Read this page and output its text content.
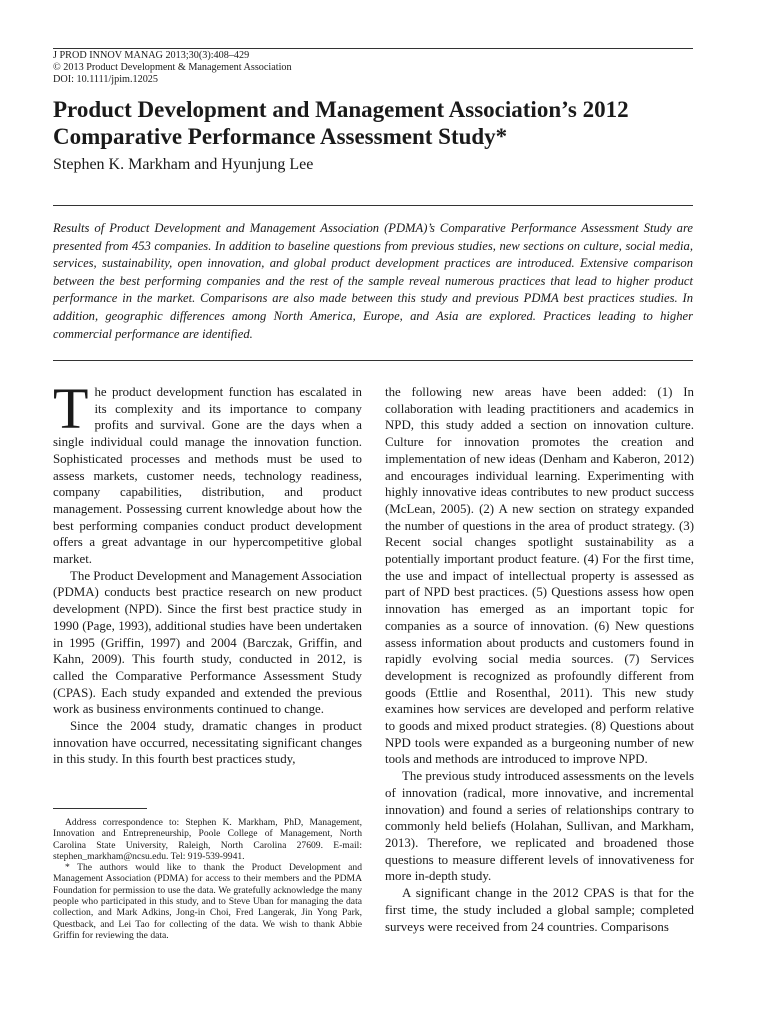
J PROD INNOV MANAG 2013;30(3):408–429
© 2013 Product Development & Management Association
DOI: 10.1111/jpim.12025
Product Development and Management Association’s 2012
Comparative Performance Assessment Study*
Stephen K. Markham and Hyunjung Lee

Results of Product Development and Management Association (PDMA)’s Comparative Performance Assessment Study are presented from 453 companies. In addition to baseline questions from previous studies, new sections on culture, social media, services, sustainability, open innovation, and global product development practices are introduced. Extensive comparison between the best performing companies and the rest of the sample reveal numerous practices that lead to higher product performance in the market. Comparisons are also made between this study and previous PDMA best practices studies. In addition, geographic differences among North America, Europe, and Asia are explored. Practices leading to higher commercial performance are identified.

The product development function has escalated in its complexity and its importance to company profits and survival. Gone are the days when a single individual could manage the innovation function. Sophisticated processes and methods must be used to assess markets, customer needs, technology readiness, company capabilities, distribution, and product management. Possessing current knowledge about how the best performing companies conduct product development offers a great advantage in our hypercompetitive global market.

The Product Development and Management Association (PDMA) conducts best practice research on new product development (NPD). Since the first best practice study in 1990 (Page, 1993), additional studies have been undertaken in 1995 (Griffin, 1997) and 2004 (Barczak, Griffin, and Kahn, 2009). This fourth study, conducted in 2012, is called the Comparative Performance Assessment Study (CPAS). Each study expanded and extended the previous work as business environments continued to change.

Since the 2004 study, dramatic changes in product innovation have occurred, necessitating significant changes in this study. In this fourth best practices study,

the following new areas have been added: (1) In collaboration with leading practitioners and academics in NPD, this study added a section on innovation culture. Culture for innovation promotes the creation and implementation of new ideas (Denham and Kaberon, 2012) and encourages individual learning. Experimenting with highly innovative ideas contributes to new product success (McLean, 2005). (2) A new section on strategy expanded the number of questions in the area of product strategy. (3) Recent social changes spotlight sustainability as a potentially important product feature. (4) For the first time, the use and impact of intellectual property is assessed as part of NPD best practices. (5) Questions assess how open innovation has emerged as an important topic for companies as a source of innovation. (6) New questions assess information about products and customers found in rapidly evolving social media sources. (7) Services development is recognized as profoundly different from goods (Ettlie and Rosenthal, 2011). This new study examines how services are developed and perform relative to goods and mixed product strategies. (8) Questions about NPD tools were expanded as a burgeoning number of new tools and methods are introduced to improve NPD.

The previous study introduced assessments on the levels of innovation (radical, more innovative, and incremental innovation) and found a series of relationships contrary to commonly held beliefs (Holahan, Sullivan, and Markham, 2013). Therefore, we replicated and broadened those questions to measure different levels of innovativeness for more in-depth study.

A significant change in the 2012 CPAS is that for the first time, the study included a global sample; completed surveys were received from 24 countries. Comparisons

Address correspondence to: Stephen K. Markham, PhD, Management, Innovation and Entrepreneurship, Poole College of Management, North Carolina State University, Raleigh, North Carolina 27609. E-mail: stephen_markham@ncsu.edu. Tel: 919-539-9941.

* The authors would like to thank the Product Development and Management Association (PDMA) for access to their members and the PDMA Foundation for permission to use the data. We gratefully acknowledge the many people who participated in this study, and to Steve Uban for managing the data collection, and Mark Adkins, Jong-in Choi, Fred Langerak, Jin Yong Park, Questback, and Lei Tao for collecting of the data. We wish to thank Abbie Griffin for reviewing the data.
